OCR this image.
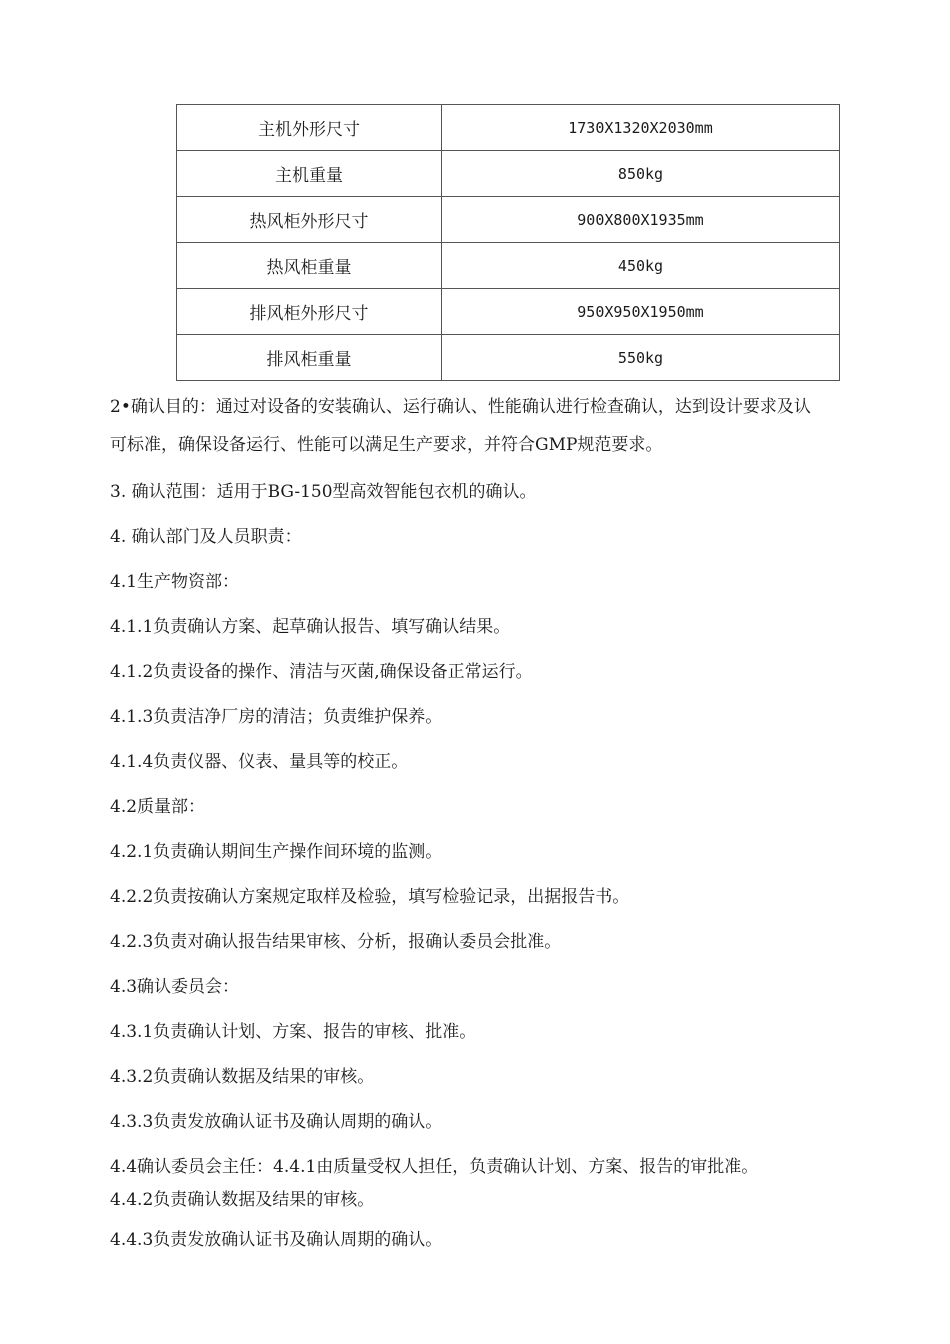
主机外形尺寸	1730X1320X2030mm
主机重量	850kg
热风柜外形尺寸	900X800X1935mm
热风柜重量	450kg
排风柜外形尺寸	950X950X1950mm
排风柜重量	550kg
2•确认目的：通过对设备的安装确认、运行确认、性能确认进行检查确认，达到设计要求及认
可标准，确保设备运行、性能可以满足生产要求，并符合GMP规范要求。
3. 确认范围：适用于BG-150型高效智能包衣机的确认。
4. 确认部门及人员职责：
4.1生产物资部：
4.1.1负责确认方案、起草确认报告、填写确认结果。
4.1.2负责设备的操作、清洁与灭菌,确保设备正常运行。
4.1.3负责洁净厂房的清洁；负责维护保养。
4.1.4负责仪器、仪表、量具等的校正。
4.2质量部：
4.2.1负责确认期间生产操作间环境的监测。
4.2.2负责按确认方案规定取样及检验，填写检验记录，出据报告书。
4.2.3负责对确认报告结果审核、分析，报确认委员会批准。
4.3确认委员会：
4.3.1负责确认计划、方案、报告的审核、批准。
4.3.2负责确认数据及结果的审核。
4.3.3负责发放确认证书及确认周期的确认。
4.4确认委员会主任：4.4.1由质量受权人担任，负责确认计划、方案、报告的审批准。
4.4.2负责确认数据及结果的审核。
4.4.3负责发放确认证书及确认周期的确认。
